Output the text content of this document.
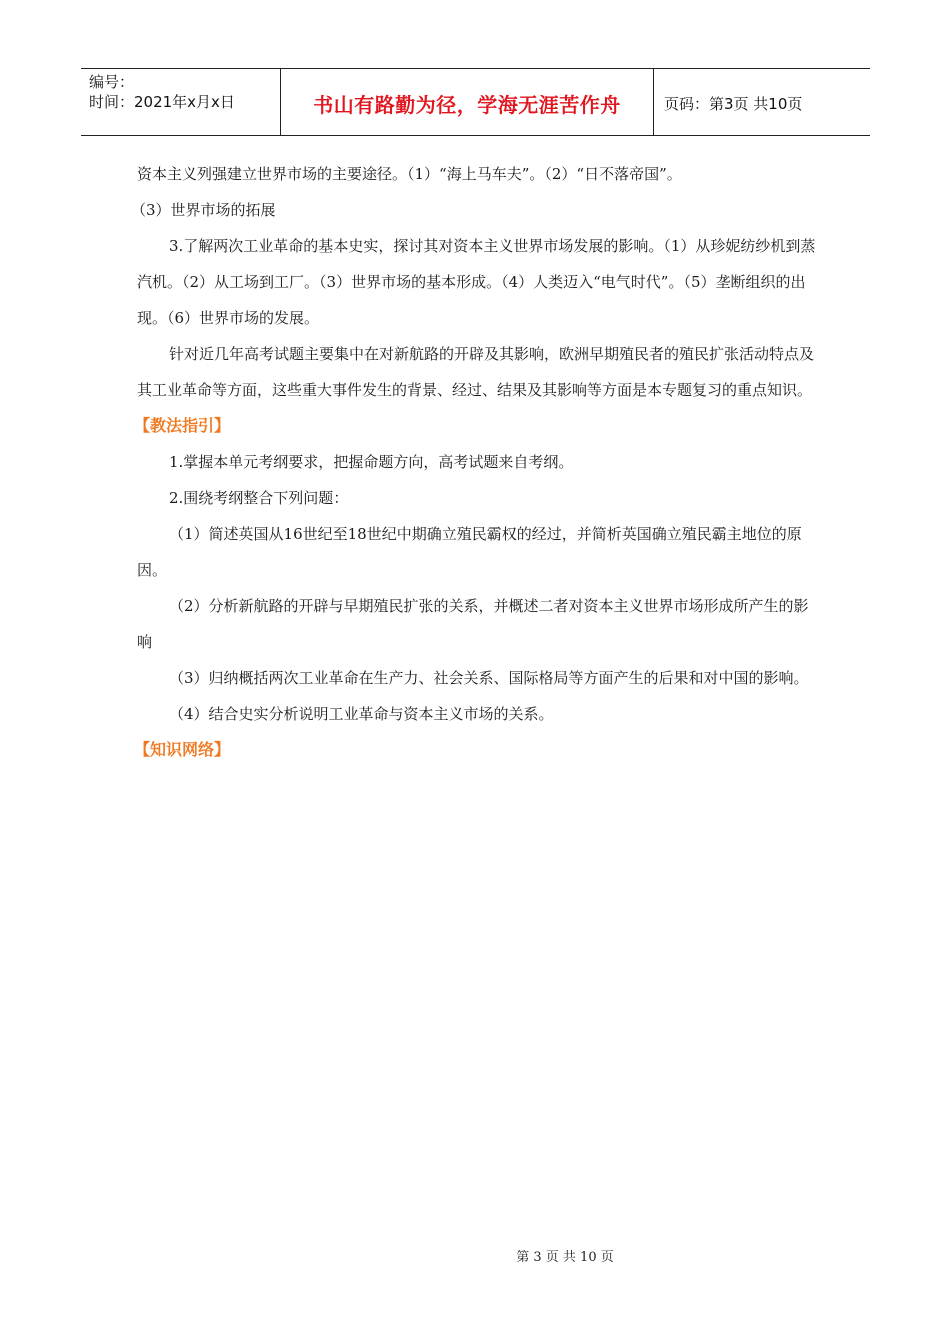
编号：
时间：2021年x月x日	书山有路勤为径，学海无涯苦作舟	页码：第3页 共10页

资本主义列强建立世界市场的主要途径。（1）“海上马车夫”。（2）“日不落帝国”。

（3）世界市场的拓展

3.了解两次工业革命的基本史实，探讨其对资本主义世界市场发展的影响。（1）从珍妮纺纱机到蒸汽机。（2）从工场到工厂。（3）世界市场的基本形成。（4）人类迈入“电气时代”。（5）垄断组织的出现。（6）世界市场的发展。

针对近几年高考试题主要集中在对新航路的开辟及其影响，欧洲早期殖民者的殖民扩张活动特点及其工业革命等方面，这些重大事件发生的背景、经过、结果及其影响等方面是本专题复习的重点知识。

【教法指引】

1.掌握本单元考纲要求，把握命题方向，高考试题来自考纲。

2.围绕考纲整合下列问题：

（1）简述英国从16世纪至18世纪中期确立殖民霸权的经过，并简析英国确立殖民霸主地位的原因。

（2）分析新航路的开辟与早期殖民扩张的关系，并概述二者对资本主义世界市场形成所产生的影响

（3）归纳概括两次工业革命在生产力、社会关系、国际格局等方面产生的后果和对中国的影响。

（4）结合史实分析说明工业革命与资本主义市场的关系。

【知识网络】

第 3 页 共 10 页
